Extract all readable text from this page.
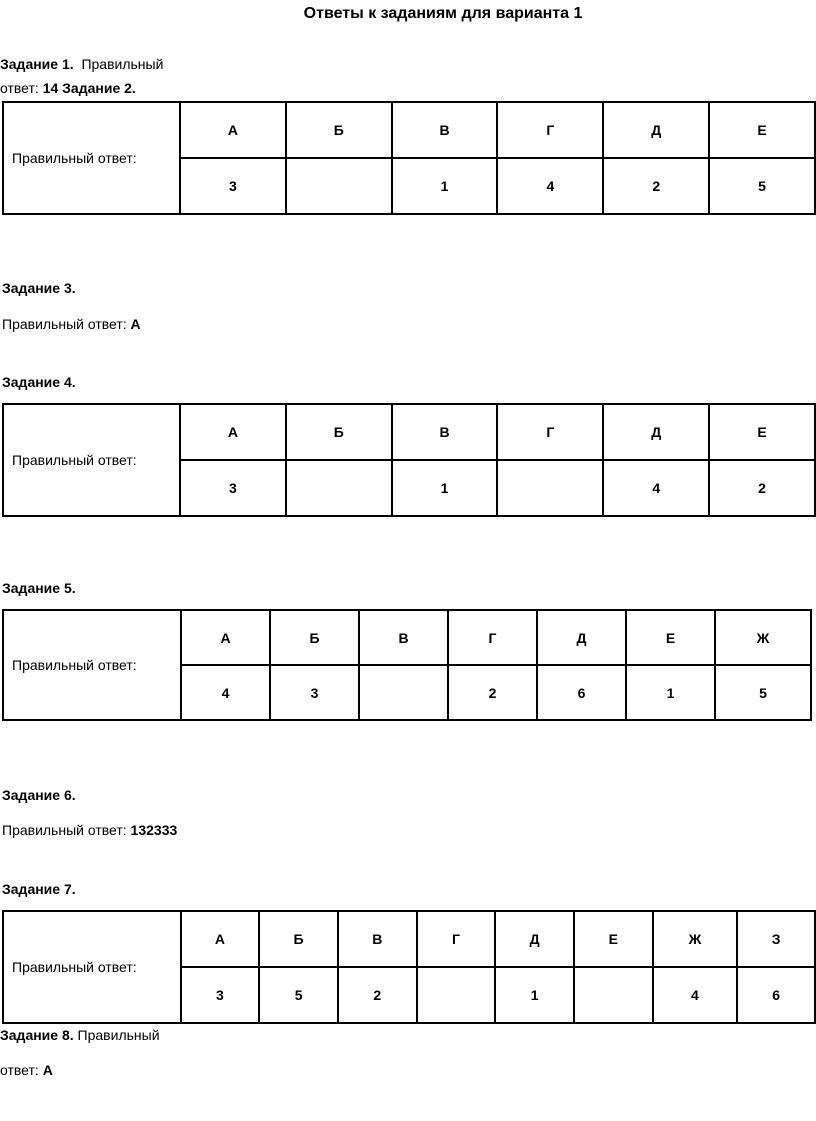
Ответы к заданиям для варианта 1
Задание 1. Правильный
ответ: 14 Задание 2.
Правильный ответ:	А	Б	В	Г	Д	Е
	3		1	4	2	5
Задание 3.
Правильный ответ: А
Задание 4.
Правильный ответ:	А	Б	В	Г	Д	Е
	3		1		4	2
Задание 5.
Правильный ответ:	А	Б	В	Г	Д	Е	Ж
	4	3		2	6	1	5
Задание 6.
Правильный ответ: 132333
Задание 7.
Правильный ответ:	А	Б	В	Г	Д	Е	Ж	З
	3	5	2		1		4	6
Задание 8. Правильный
ответ: А
